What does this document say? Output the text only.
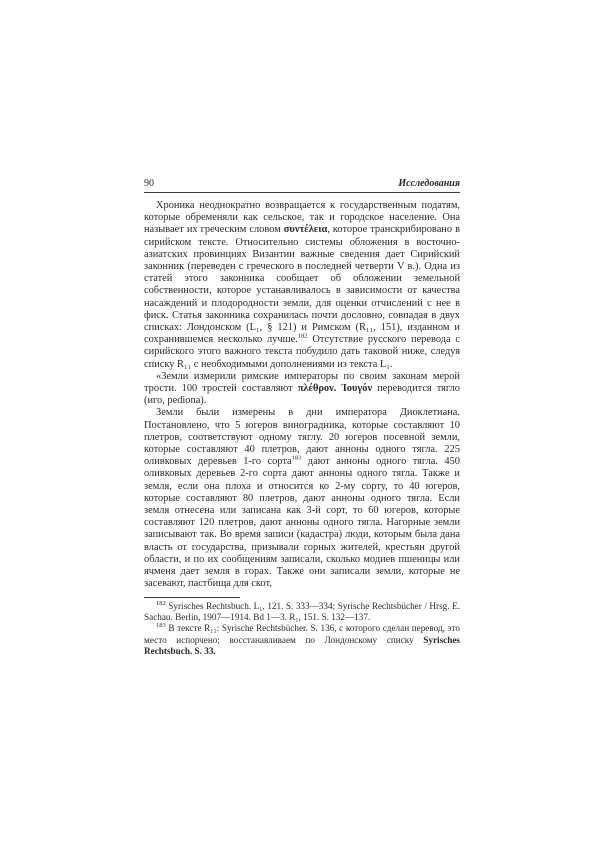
90	Исследования

Хроника неоднократно возвращается к государственным податям, которые обременяли как сельское, так и городское население. Она называет их греческим словом συντέλεια, которое транскрибировано в сирийском тексте. Относительно системы обложения в восточно-азиатских провинциях Византии важные сведения дает Сирийский законник (переведен с греческого в последней четверти V в.). Одна из статей этого законника сообщает об обложении земельной собственности, которое устанавливалось в зависимости от качества насаждений и плодородности земли, для оценки отчислений с нее в фиск. Статья законника сохранилась почти дословно, совпадая в двух списках: Лондонском (L₁, § 121) и Римском (R₁₁, 151), изданном и сохранившемся несколько лучше.$^{182}$ Отсутствие русского перевода с сирийского этого важного текста побудило дать таковой ниже, следуя списку R₁₁ с необходимыми дополнениями из текста L₁.

«Земли измерили римские императоры по своим законам мерой трости. 100 тростей составляют πλέθρον. Ἰουγόν переводится тягло (иго, pediona).

Земли были измерены в дни императора Диоклетиана. Постановлено, что 5 югеров виноградника, которые составляют 10 плетров, соответствуют одному тяглу. 20 югеров посевной земли, которые составляют 40 плетров, дают анноны одного тягла. 225 оливковых деревьев 1-го сорта$^{183}$ дают анноны одного тягла. 450 оливковых деревьев 2-го сорта дают анноны одного тягла. Также и земля, если она плоха и относится ко 2-му сорту, то 40 югеров, которые составляют 80 плетров, дают анноны одного тягла. Если земля отнесена или записана как 3-й сорт, то 60 югеров, которые составляют 120 плетров, дают анноны одного тягла. Нагорные земли записывают так. Во время записи (кадастра) люди, которым была дана власть от государства, призывали горных жителей, крестьян другой области, и по их сообщениям записали, сколько модиев пшеницы или ячменя дает земля в горах. Также они записали земли, которые не засевают, пастбища для скот,

$^{182}$ Syrisches Rechtsbuch. L₁, 121. S. 333—334; Syrische Rechtsbücher / Hrsg. E. Sachau. Berlin, 1907—1914. Bd 1—3. R₁, 151. S. 132—137.

$^{183}$ В тексте R₁₁: Syrische Rechtsbücher. S. 136, с которого сделан перевод, это место испорчено; восстанавливаем по Лондонскому списку Syrisches Rechtsbuch. S. 33.
